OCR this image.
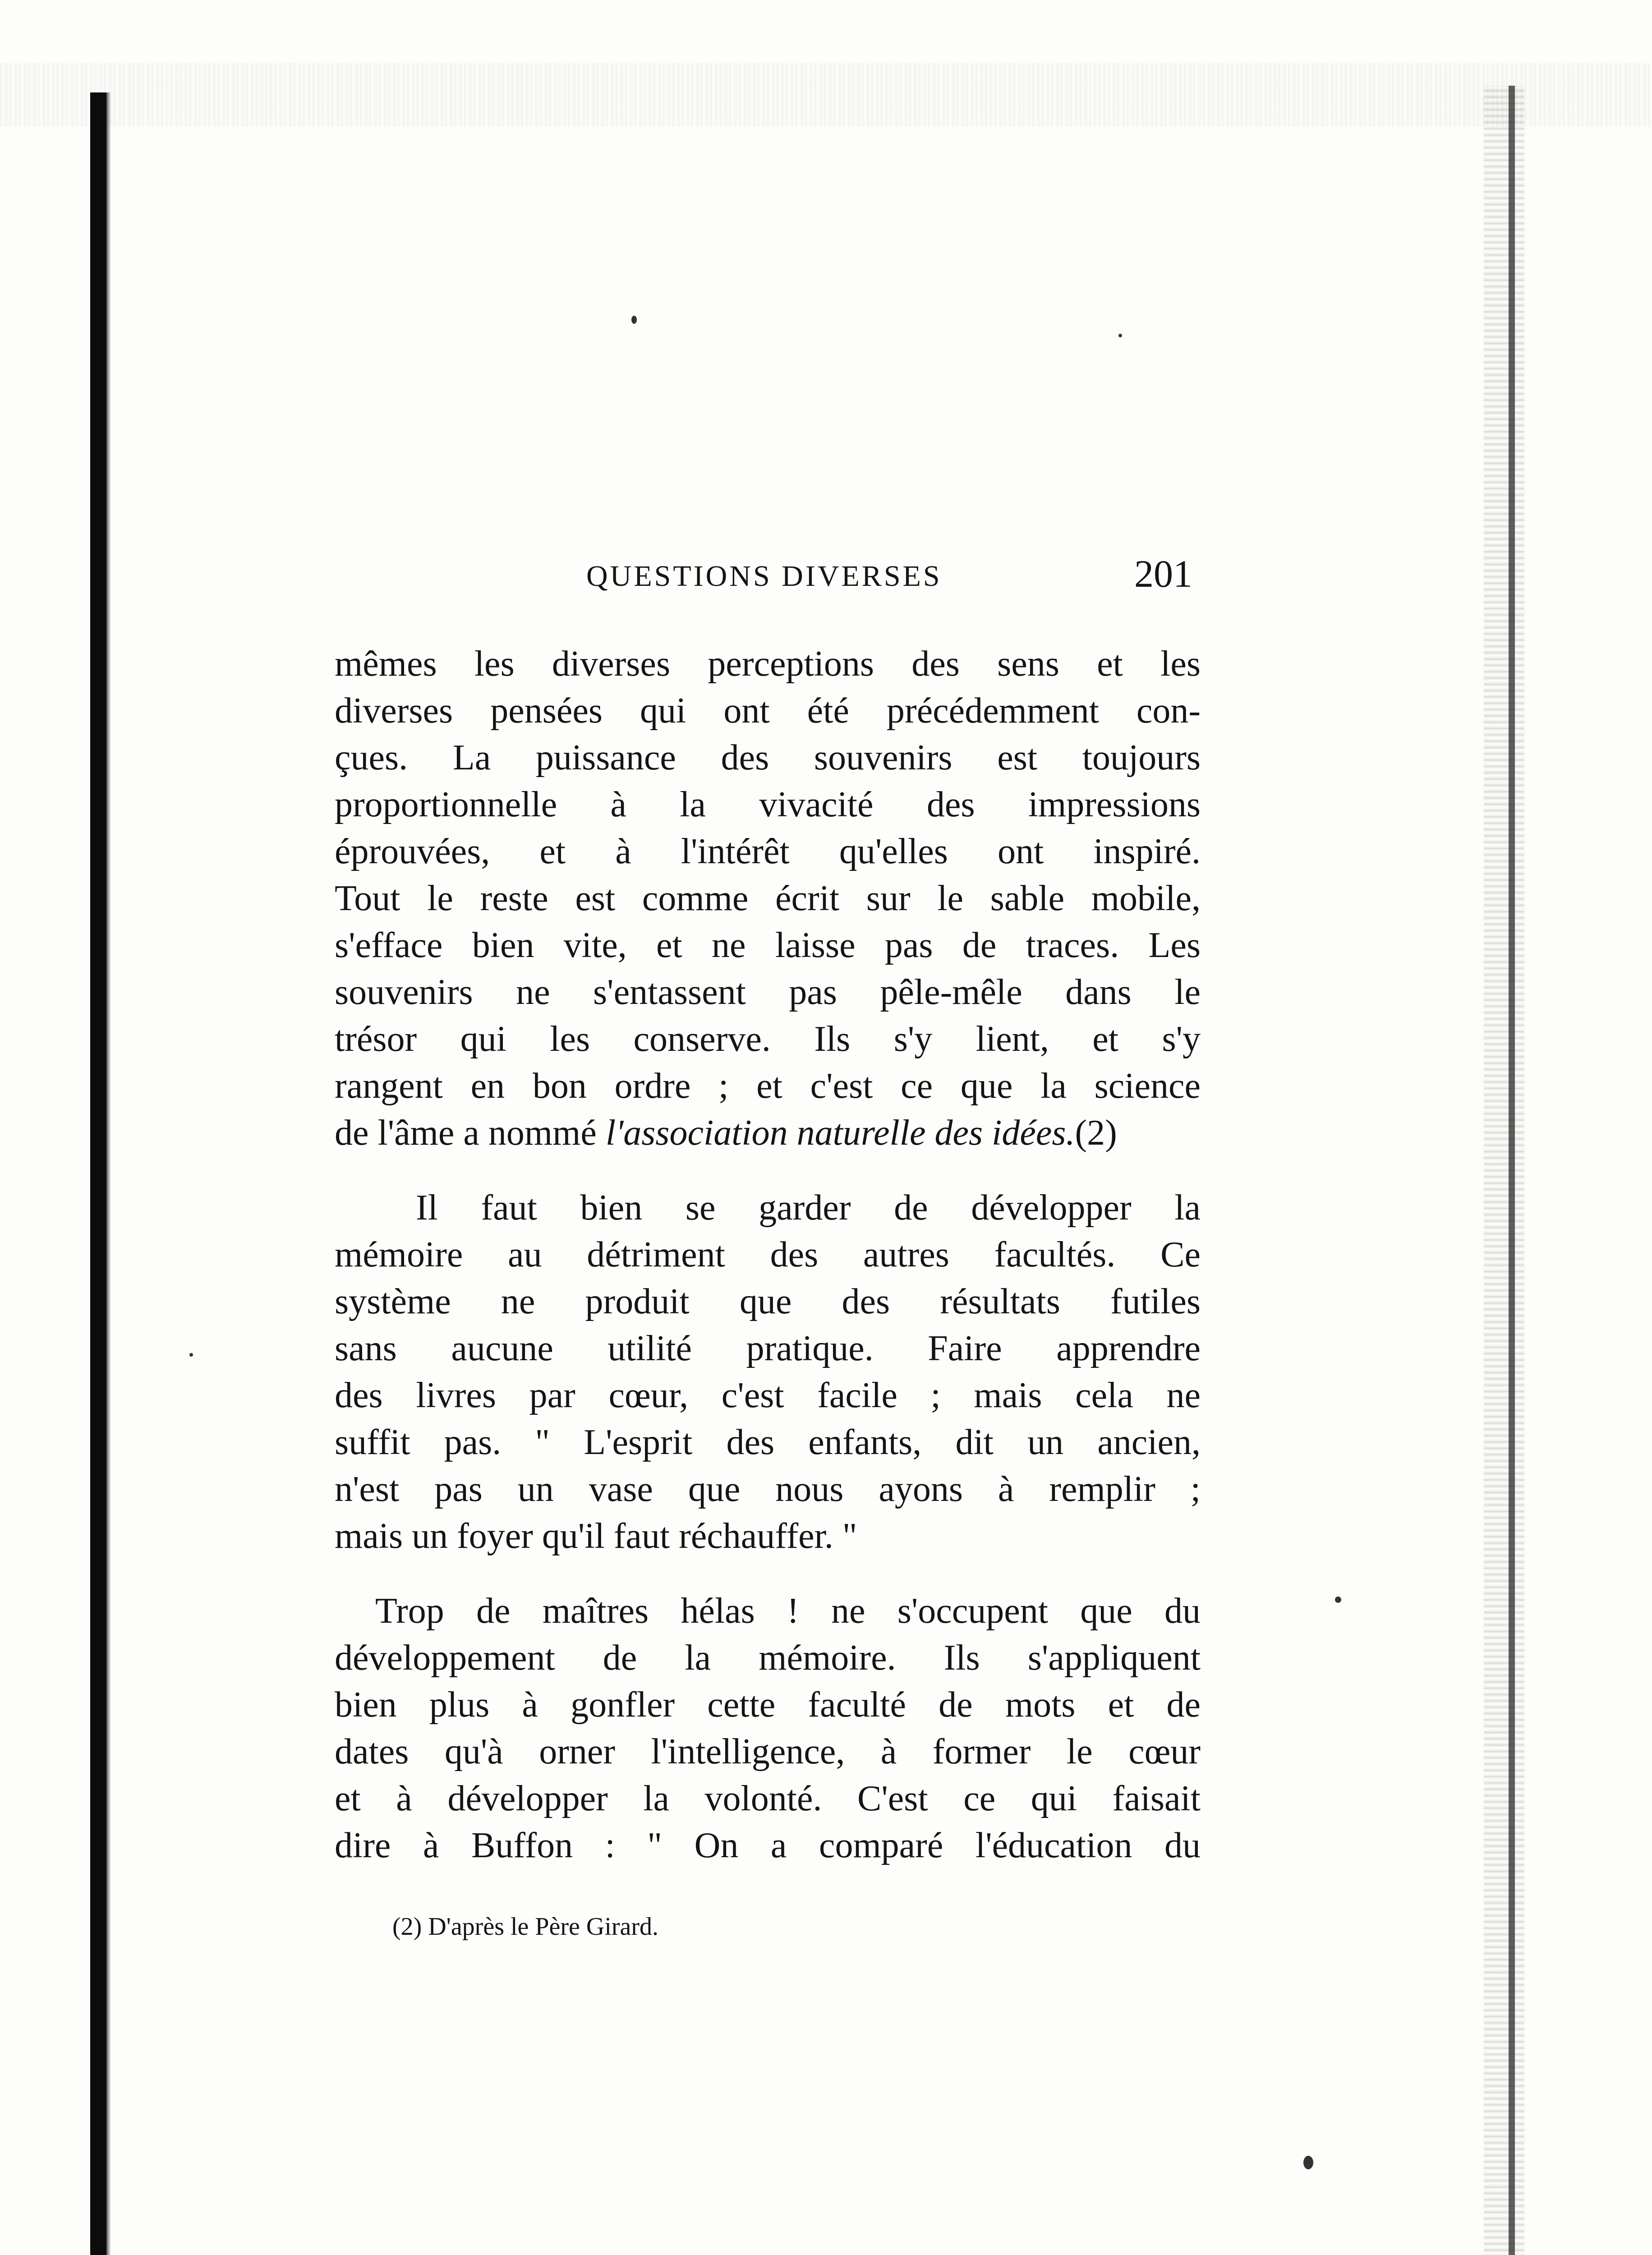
QUESTIONS DIVERSES	201
mêmes les diverses perceptions des sens et les
diverses pensées qui ont été précédemment con-
çues. La puissance des souvenirs est toujours
proportionnelle à la vivacité des impressions
éprouvées, et à l'intérêt qu'elles ont inspiré.
Tout le reste est comme écrit sur le sable mobile,
s'efface bien vite, et ne laisse pas de traces. Les
souvenirs ne s'entassent pas pêle-mêle dans le
trésor qui les conserve. Ils s'y lient, et s'y
rangent en bon ordre ; et c'est ce que la science
de l'âme a nommé l'association naturelle des idées.(2)
Il faut bien se garder de développer la
mémoire au détriment des autres facultés. Ce
système ne produit que des résultats futiles
sans aucune utilité pratique. Faire apprendre
des livres par cœur, c'est facile ; mais cela ne
suffit pas. " L'esprit des enfants, dit un ancien,
n'est pas un vase que nous ayons à remplir ;
mais un foyer qu'il faut réchauffer. "
Trop de maîtres hélas ! ne s'occupent que du
développement de la mémoire. Ils s'appliquent
bien plus à gonfler cette faculté de mots et de
dates qu'à orner l'intelligence, à former le cœur
et à développer la volonté. C'est ce qui faisait
dire à Buffon : " On a comparé l'éducation du
(2) D'après le Père Girard.
